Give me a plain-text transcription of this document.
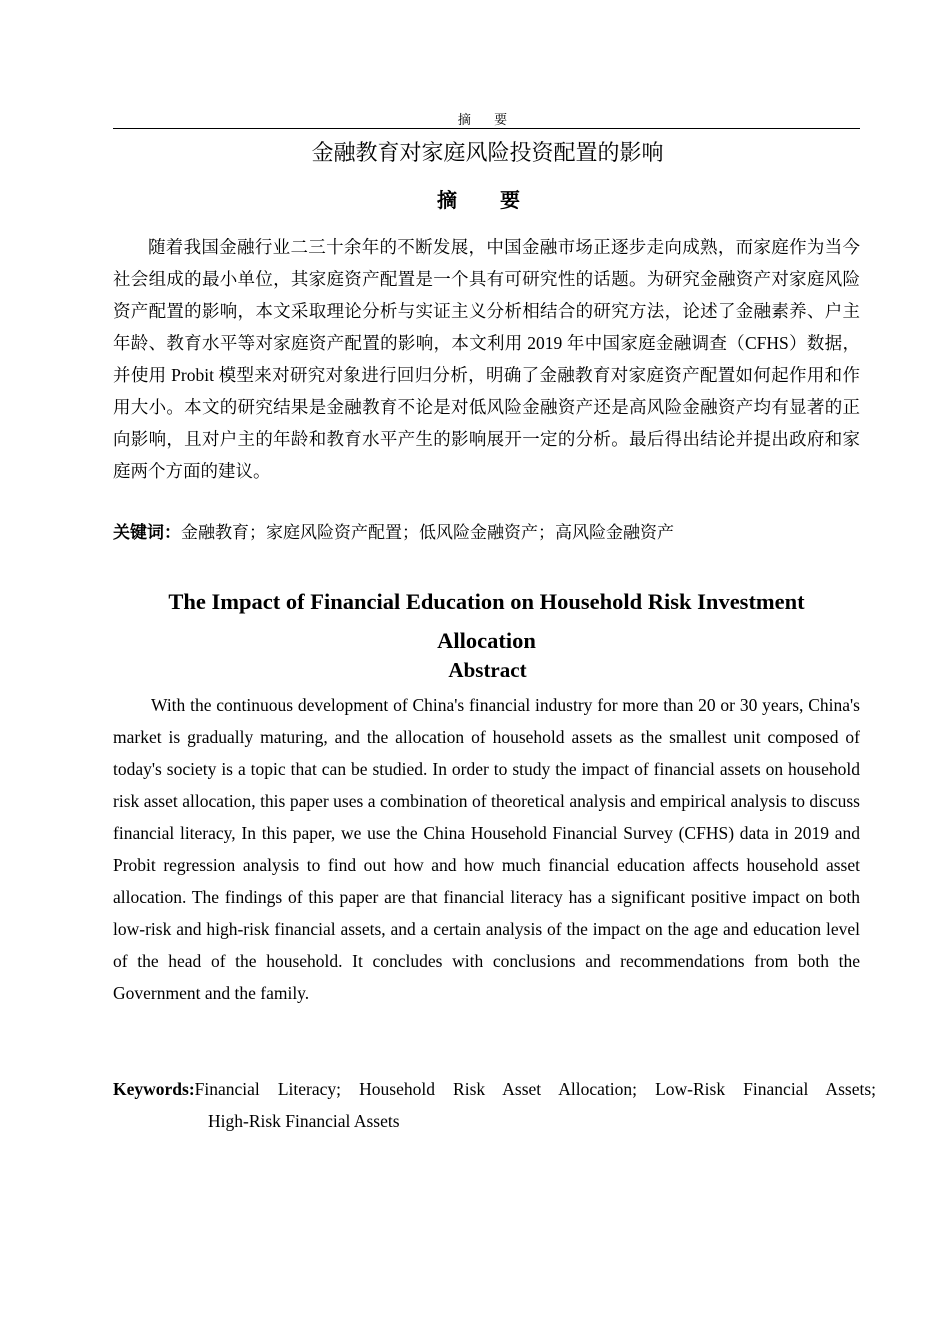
摘 要
金融教育对家庭风险投资配置的影响
摘 要
随着我国金融行业二三十余年的不断发展，中国金融市场正逐步走向成熟，而家庭作为当今社会组成的最小单位，其家庭资产配置是一个具有可研究性的话题。为研究金融资产对家庭风险资产配置的影响，本文采取理论分析与实证主义分析相结合的研究方法，论述了金融素养、户主年龄、教育水平等对家庭资产配置的影响，本文利用 2019 年中国家庭金融调查（CFHS）数据，并使用 Probit 模型来对研究对象进行回归分析，明确了金融教育对家庭资产配置如何起作用和作用大小。本文的研究结果是金融教育不论是对低风险金融资产还是高风险金融资产均有显著的正向影响，且对户主的年龄和教育水平产生的影响展开一定的分析。最后得出结论并提出政府和家庭两个方面的建议。
关键词：金融教育；家庭风险资产配置；低风险金融资产；高风险金融资产
The Impact of Financial Education on Household Risk Investment
Allocation
Abstract
With the continuous development of China's financial industry for more than 20 or 30 years, China's market is gradually maturing, and the allocation of household assets as the smallest unit composed of today's society is a topic that can be studied. In order to study the impact of financial assets on household risk asset allocation, this paper uses a combination of theoretical analysis and empirical analysis to discuss financial literacy, In this paper, we use the China Household Financial Survey (CFHS) data in 2019 and Probit regression analysis to find out how and how much financial education affects household asset allocation. The findings of this paper are that financial literacy has a significant positive impact on both low-risk and high-risk financial assets, and a certain analysis of the impact on the age and education level of the head of the household. It concludes with conclusions and recommendations from both the Government and the family.
Keywords:Financial Literacy; Household Risk Asset Allocation; Low-Risk Financial Assets;
High-Risk Financial Assets
